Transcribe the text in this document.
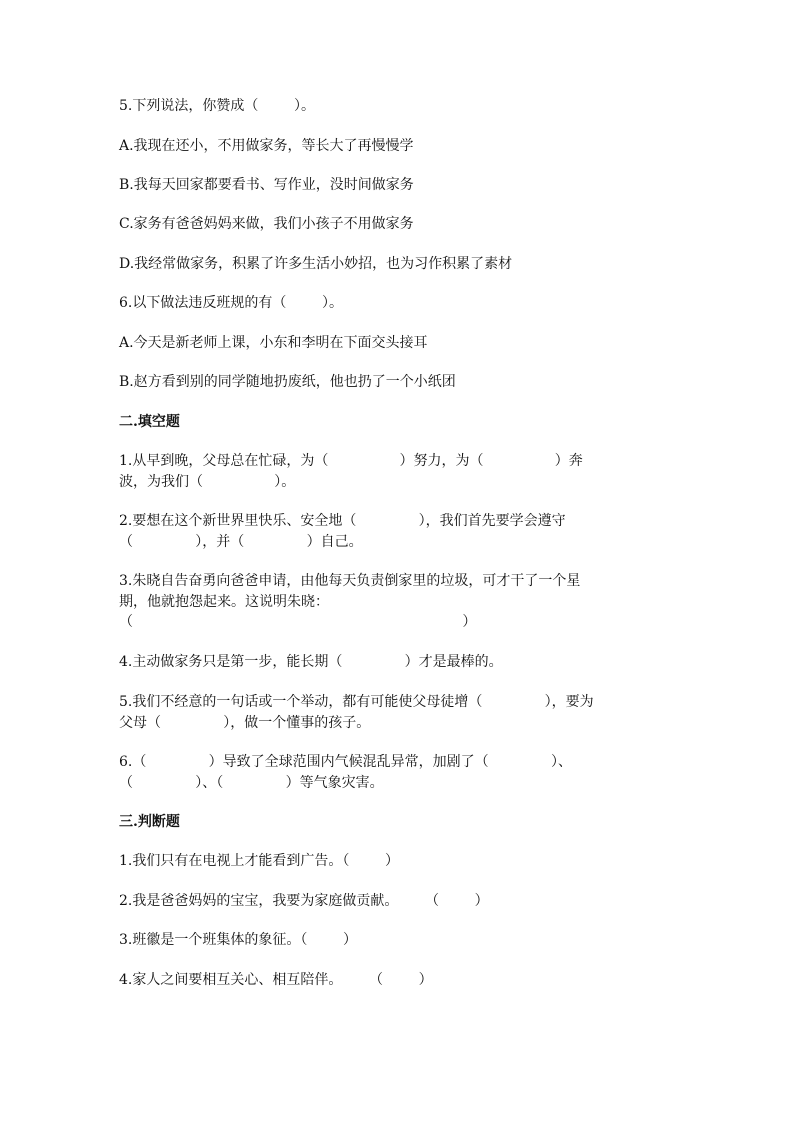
5.下列说法，你赞成（        ）。
A.我现在还小，不用做家务，等长大了再慢慢学
B.我每天回家都要看书、写作业，没时间做家务
C.家务有爸爸妈妈来做，我们小孩子不用做家务
D.我经常做家务，积累了许多生活小妙招，也为习作积累了素材
6.以下做法违反班规的有（        ）。
A.今天是新老师上课，小东和李明在下面交头接耳
B.赵方看到别的同学随地扔废纸，他也扔了一个小纸团
二.填空题
1.从早到晚，父母总在忙碌，为（                ）努力，为（                ）奔
波，为我们（                ）。
2.要想在这个新世界里快乐、安全地（              ），我们首先要学会遵守
（              ），并（              ）自己。
3.朱晓自告奋勇向爸爸申请，由他每天负责倒家里的垃圾，可才干了一个星
期，他就抱怨起来。这说明朱晓：
（                                                                          ）
4.主动做家务只是第一步，能长期（              ）才是最棒的。
5.我们不经意的一句话或一个举动，都有可能使父母徒增（              ），要为
父母（              ），做一个懂事的孩子。
6.（              ）导致了全球范围内气候混乱异常，加剧了（              ）、
（              ）、（              ）等气象灾害。
三.判断题
1.我们只有在电视上才能看到广告。（        ）
2.我是爸爸妈妈的宝宝，我要为家庭做贡献。      （        ）
3.班徽是一个班集体的象征。（        ）
4.家人之间要相互关心、相互陪伴。      （        ）
